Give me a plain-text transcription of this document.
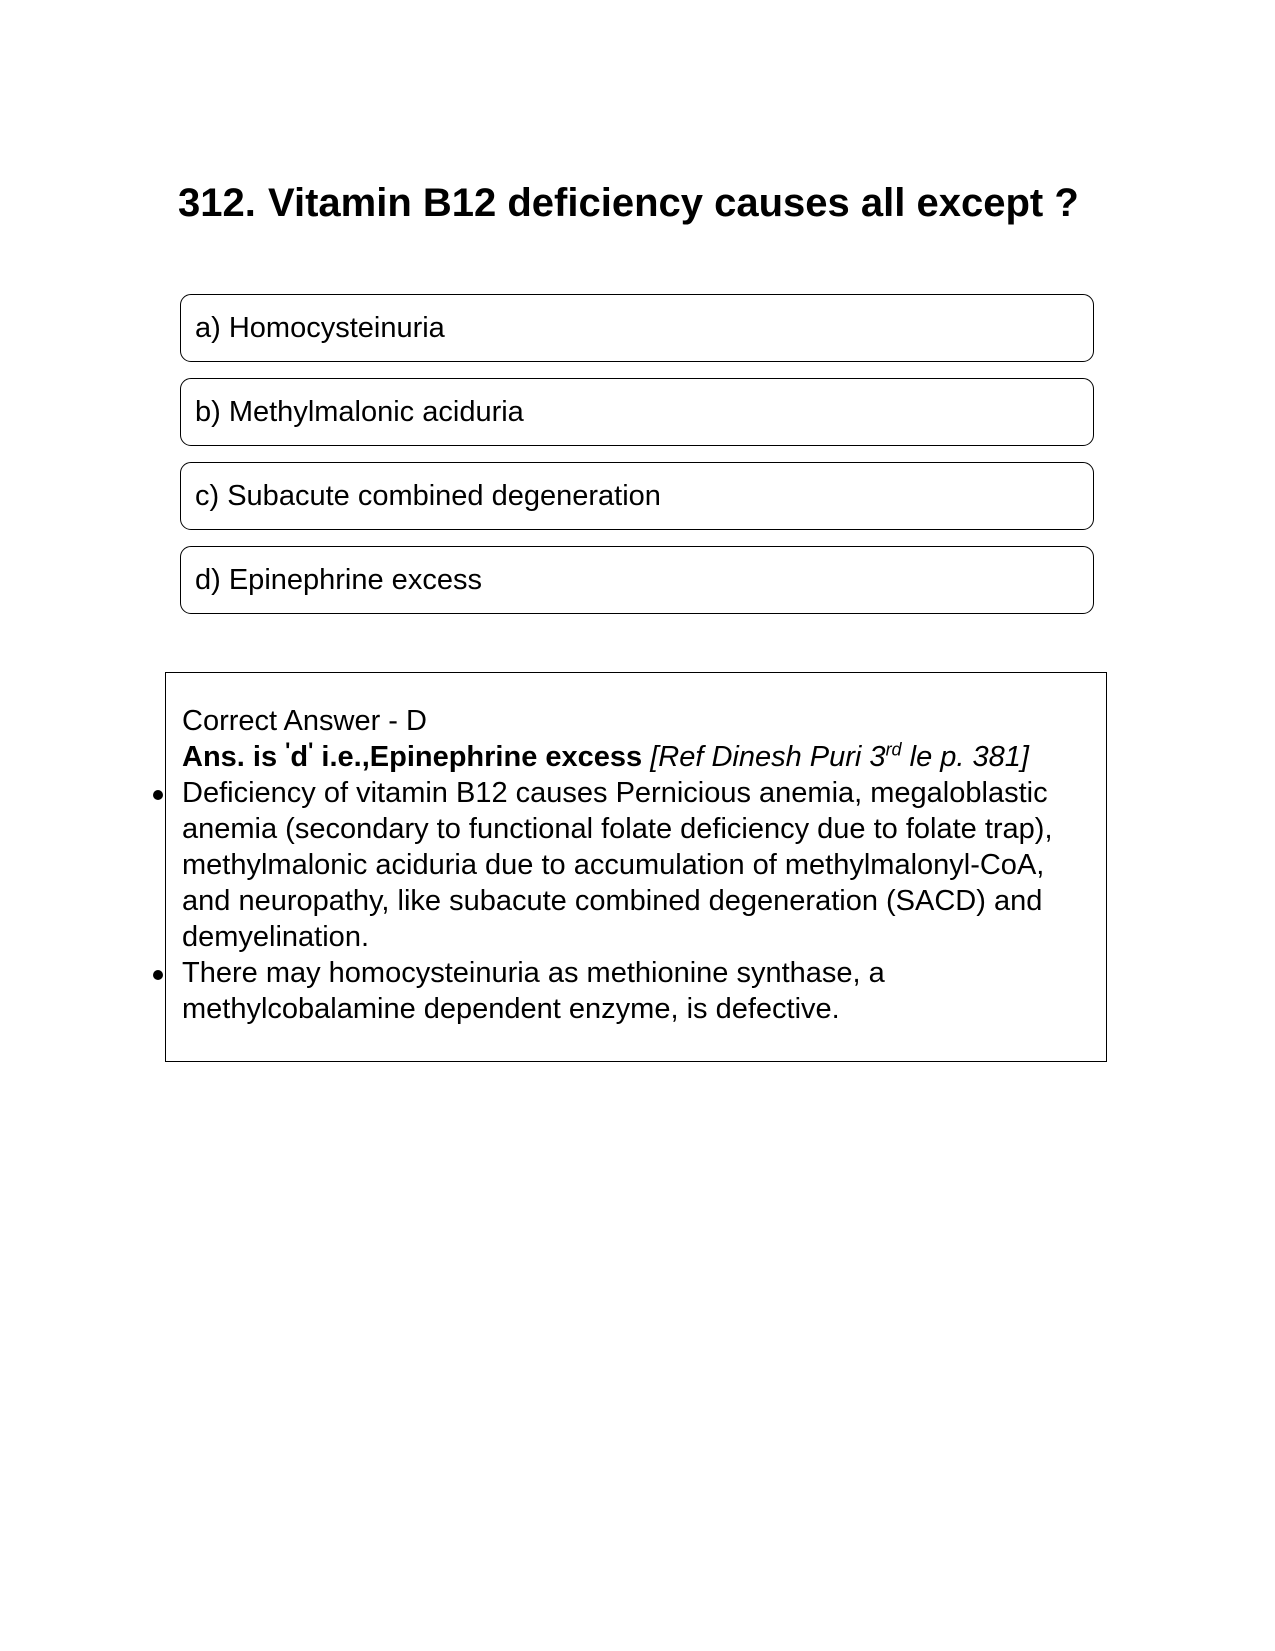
312. Vitamin B12 deficiency causes all except ?
a) Homocysteinuria
b) Methylmalonic aciduria
c) Subacute combined degeneration
d) Epinephrine excess

Correct Answer - D

Ans. is 'd' i.e.,Epinephrine excess [Ref Dinesh Puri 3rd le p. 381]

Deficiency of vitamin B12 causes Pernicious anemia, megaloblastic anemia (secondary to functional folate deficiency due to folate trap), methylmalonic aciduria due to accumulation of methylmalonyl-CoA, and neuropathy, like subacute combined degeneration (SACD) and demyelination.
There may homocysteinuria as methionine synthase, a methylcobalamine dependent enzyme, is defective.
